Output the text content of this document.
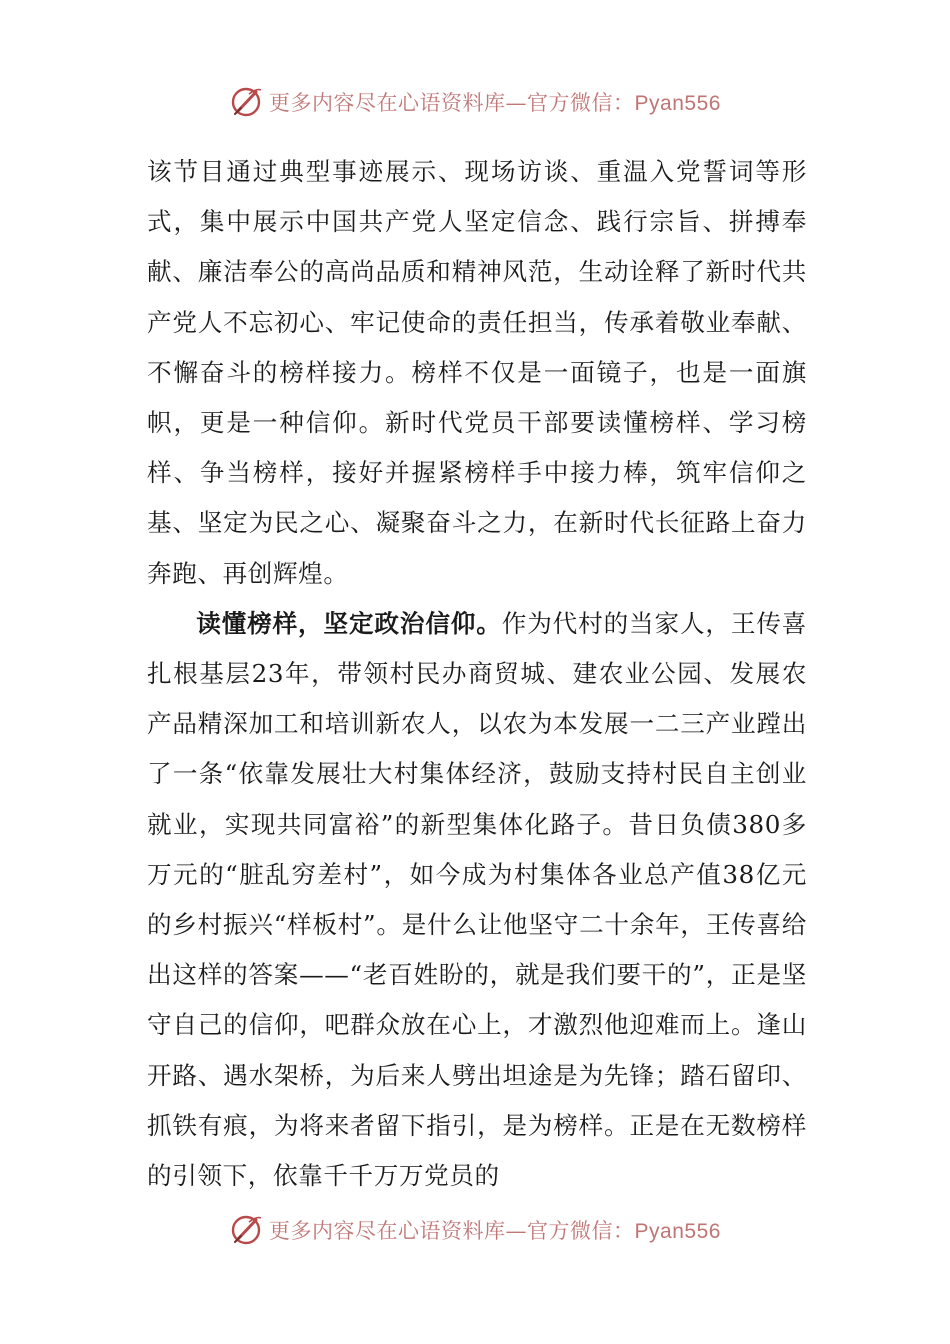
更多内容尽在心语资料库—官方微信：Pyan556

该节目通过典型事迹展示、现场访谈、重温入党誓词等形式，集中展示中国共产党人坚定信念、践行宗旨、拼搏奉献、廉洁奉公的高尚品质和精神风范，生动诠释了新时代共产党人不忘初心、牢记使命的责任担当，传承着敬业奉献、不懈奋斗的榜样接力。榜样不仅是一面镜子，也是一面旗帜，更是一种信仰。新时代党员干部要读懂榜样、学习榜样、争当榜样，接好并握紧榜样手中接力棒，筑牢信仰之基、坚定为民之心、凝聚奋斗之力，在新时代长征路上奋力奔跑、再创辉煌。

读懂榜样，坚定政治信仰。作为代村的当家人，王传喜扎根基层23年，带领村民办商贸城、建农业公园、发展农产品精深加工和培训新农人，以农为本发展一二三产业蹚出了一条“依靠发展壮大村集体经济，鼓励支持村民自主创业就业，实现共同富裕”的新型集体化路子。昔日负债380多万元的“脏乱穷差村”，如今成为村集体各业总产值38亿元的乡村振兴“样板村”。是什么让他坚守二十余年，王传喜给出这样的答案——“老百姓盼的，就是我们要干的”，正是坚守自己的信仰，吧群众放在心上，才激烈他迎难而上。逢山开路、遇水架桥，为后来人劈出坦途是为先锋；踏石留印、抓铁有痕，为将来者留下指引，是为榜样。正是在无数榜样的引领下，依靠千千万万党员的

更多内容尽在心语资料库—官方微信：Pyan556
